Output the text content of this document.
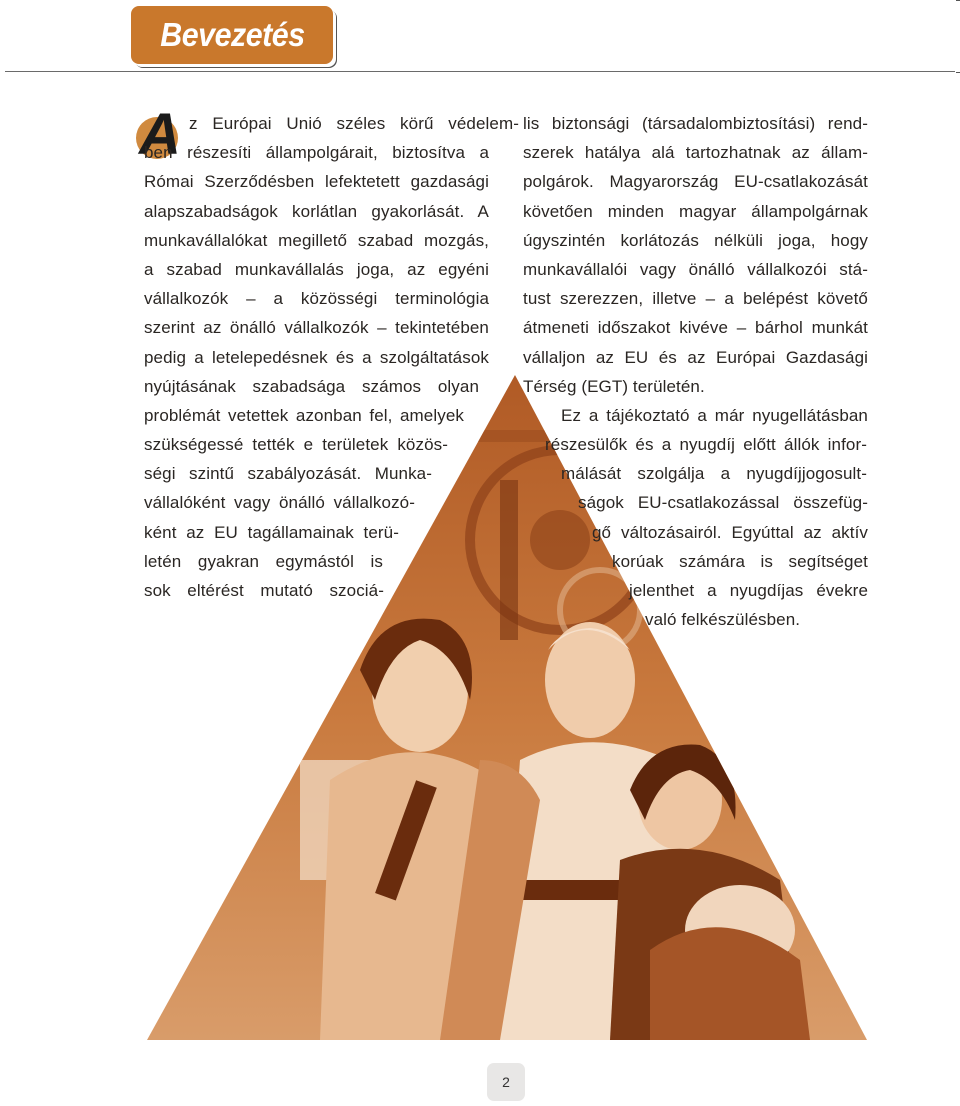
Bevezetés
A z Európai Unió széles körű védelem-
ben részesíti állampolgárait, biztosítva a
Római Szerződésben lefektetett gazdasági
alapszabadságok korlátlan gyakorlását. A
munkavállalókat megillető szabad mozgás,
a szabad munkavállalás joga, az egyéni
vállalkozók – a közösségi terminológia
szerint az önálló vállalkozók – tekintetében
pedig a letelepedésnek és a szolgáltatások
nyújtásának szabadsága számos olyan
problémát vetettek azonban fel, amelyek
szükségessé tették e területek közös-
ségi szintű szabályozását. Munka-
vállalóként vagy önálló vállalkozó-
ként az EU tagállamainak terü-
letén gyakran egymástól is
sok eltérést mutató szociá-
lis biztonsági (társadalombiztosítási) rend-
szerek hatálya alá tartozhatnak az állam-
polgárok. Magyarország EU-csatlakozását
követően minden magyar állampolgárnak
úgyszintén korlátozás nélküli joga, hogy
munkavállalói vagy önálló vállalkozói stá-
tust szerezzen, illetve – a belépést követő
átmeneti időszakot kivéve – bárhol munkát
vállaljon az EU és az Európai Gazdasági
Térség (EGT) területén.
Ez a tájékoztató a már nyugellátásban
részesülők és a nyugdíj előtt állók infor-
málását szolgálja a nyugdíjjogosult-
ságok EU-csatlakozással összefüg-
gő változásairól. Egyúttal az aktív
korúak számára is segítséget
jelenthet a nyugdíjas évekre
való felkészülésben.
2
